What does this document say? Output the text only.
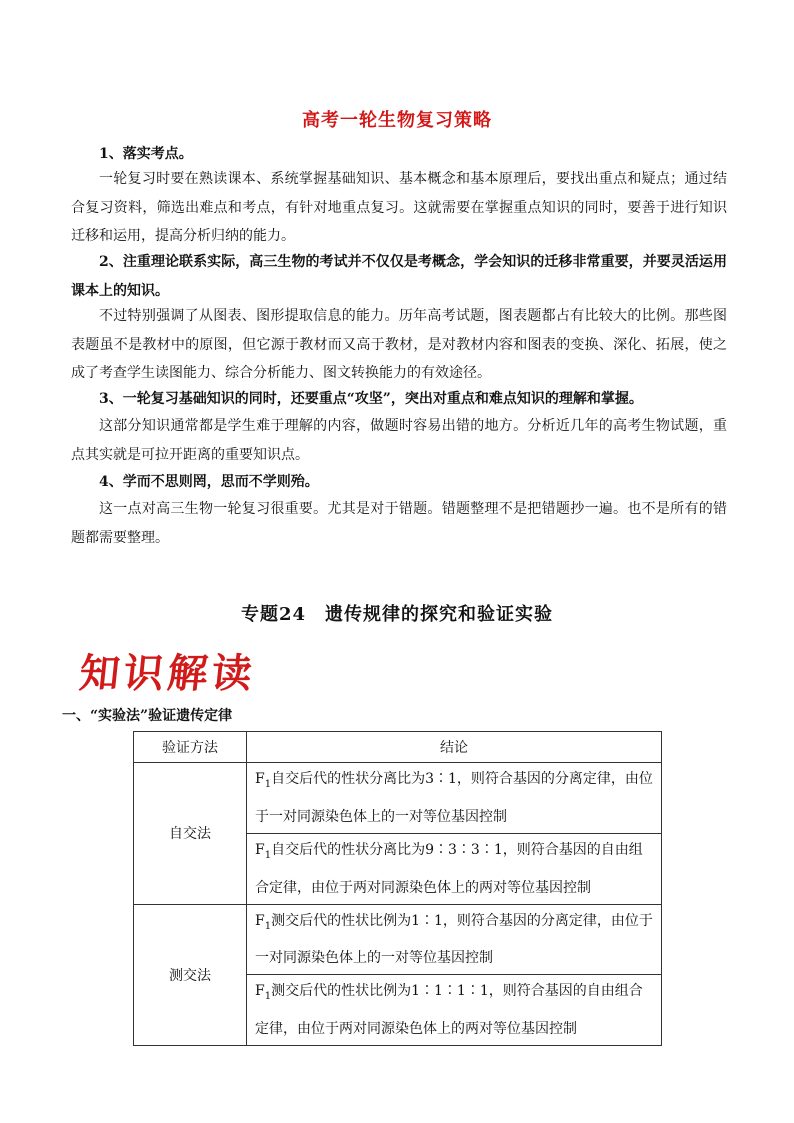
高考一轮生物复习策略

1、落实考点。

一轮复习时要在熟读课本、系统掌握基础知识、基本概念和基本原理后，要找出重点和疑点；通过结合复习资料，筛选出难点和考点，有针对地重点复习。这就需要在掌握重点知识的同时，要善于进行知识迁移和运用，提高分析归纳的能力。

2、注重理论联系实际，高三生物的考试并不仅仅是考概念，学会知识的迁移非常重要，并要灵活运用课本上的知识。

不过特别强调了从图表、图形提取信息的能力。历年高考试题，图表题都占有比较大的比例。那些图表题虽不是教材中的原图，但它源于教材而又高于教材，是对教材内容和图表的变换、深化、拓展，使之成了考查学生读图能力、综合分析能力、图文转换能力的有效途径。

3、一轮复习基础知识的同时，还要重点“攻坚”，突出对重点和难点知识的理解和掌握。

这部分知识通常都是学生难于理解的内容，做题时容易出错的地方。分析近几年的高考生物试题，重点其实就是可拉开距离的重要知识点。

4、学而不思则罔，思而不学则殆。

这一点对高三生物一轮复习很重要。尤其是对于错题。错题整理不是把错题抄一遍。也不是所有的错题都需要整理。

专题24　遗传规律的探究和验证实验
知识解读
一、“实验法”验证遗传定律
验证方法	结论
自交法	$F_1$自交后代的性状分离比为3∶1，则符合基因的分离定律，由位于一对同源染色体上的一对等位基因控制
	$F_1$自交后代的性状分离比为9∶3∶3∶1，则符合基因的自由组合定律，由位于两对同源染色体上的两对等位基因控制
测交法	$F_1$测交后代的性状比例为1∶1，则符合基因的分离定律，由位于一对同源染色体上的一对等位基因控制
	$F_1$测交后代的性状比例为1∶1∶1∶1，则符合基因的自由组合定律，由位于两对同源染色体上的两对等位基因控制
